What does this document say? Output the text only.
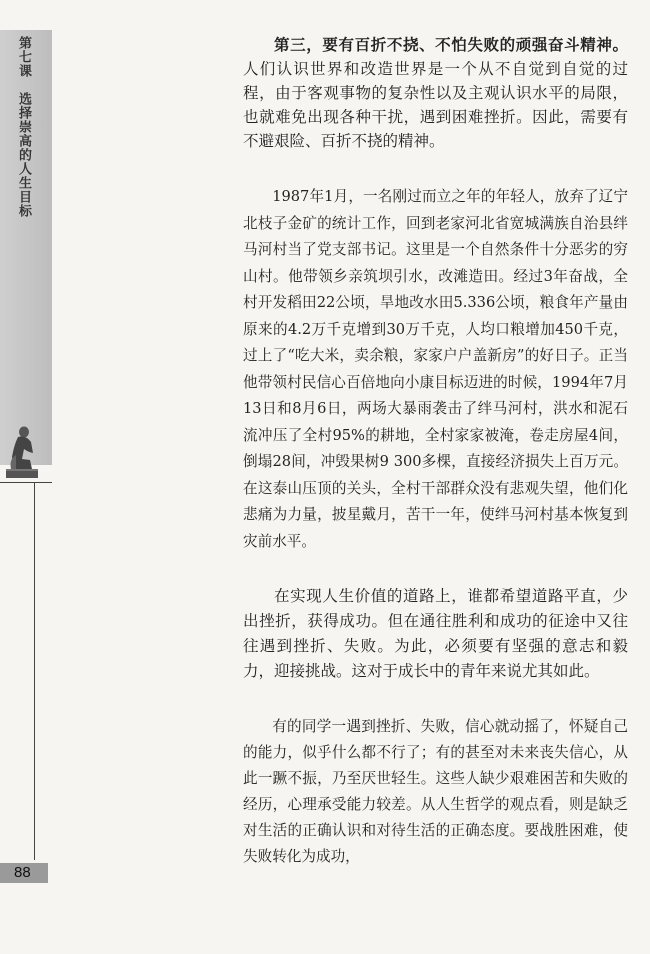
第七课选择崇高的人生目标
88

第三，要有百折不挠、不怕失败的顽强奋斗精神。人们认识世界和改造世界是一个从不自觉到自觉的过程，由于客观事物的复杂性以及主观认识水平的局限，也就难免出现各种干扰，遇到困难挫折。因此，需要有不避艰险、百折不挠的精神。

1987年1月，一名刚过而立之年的年轻人，放弃了辽宁北枝子金矿的统计工作，回到老家河北省宽城满族自治县绊马河村当了党支部书记。这里是一个自然条件十分恶劣的穷山村。他带领乡亲筑坝引水，改滩造田。经过3年奋战，全村开发稻田22公顷，旱地改水田5.336公顷，粮食年产量由原来的4.2万千克增到30万千克，人均口粮增加450千克，过上了“吃大米，卖余粮，家家户户盖新房”的好日子。正当他带领村民信心百倍地向小康目标迈进的时候，1994年7月13日和8月6日，两场大暴雨袭击了绊马河村，洪水和泥石流冲压了全村95%的耕地，全村家家被淹，卷走房屋4间，倒塌28间，冲毁果树9 300多棵，直接经济损失上百万元。在这泰山压顶的关头，全村干部群众没有悲观失望，他们化悲痛为力量，披星戴月，苦干一年，使绊马河村基本恢复到灾前水平。

在实现人生价值的道路上，谁都希望道路平直，少出挫折，获得成功。但在通往胜利和成功的征途中又往往遇到挫折、失败。为此，必须要有坚强的意志和毅力，迎接挑战。这对于成长中的青年来说尤其如此。

有的同学一遇到挫折、失败，信心就动摇了，怀疑自己的能力，似乎什么都不行了；有的甚至对未来丧失信心，从此一蹶不振，乃至厌世轻生。这些人缺少艰难困苦和失败的经历，心理承受能力较差。从人生哲学的观点看，则是缺乏对生活的正确认识和对待生活的正确态度。要战胜困难，使失败转化为成功，
